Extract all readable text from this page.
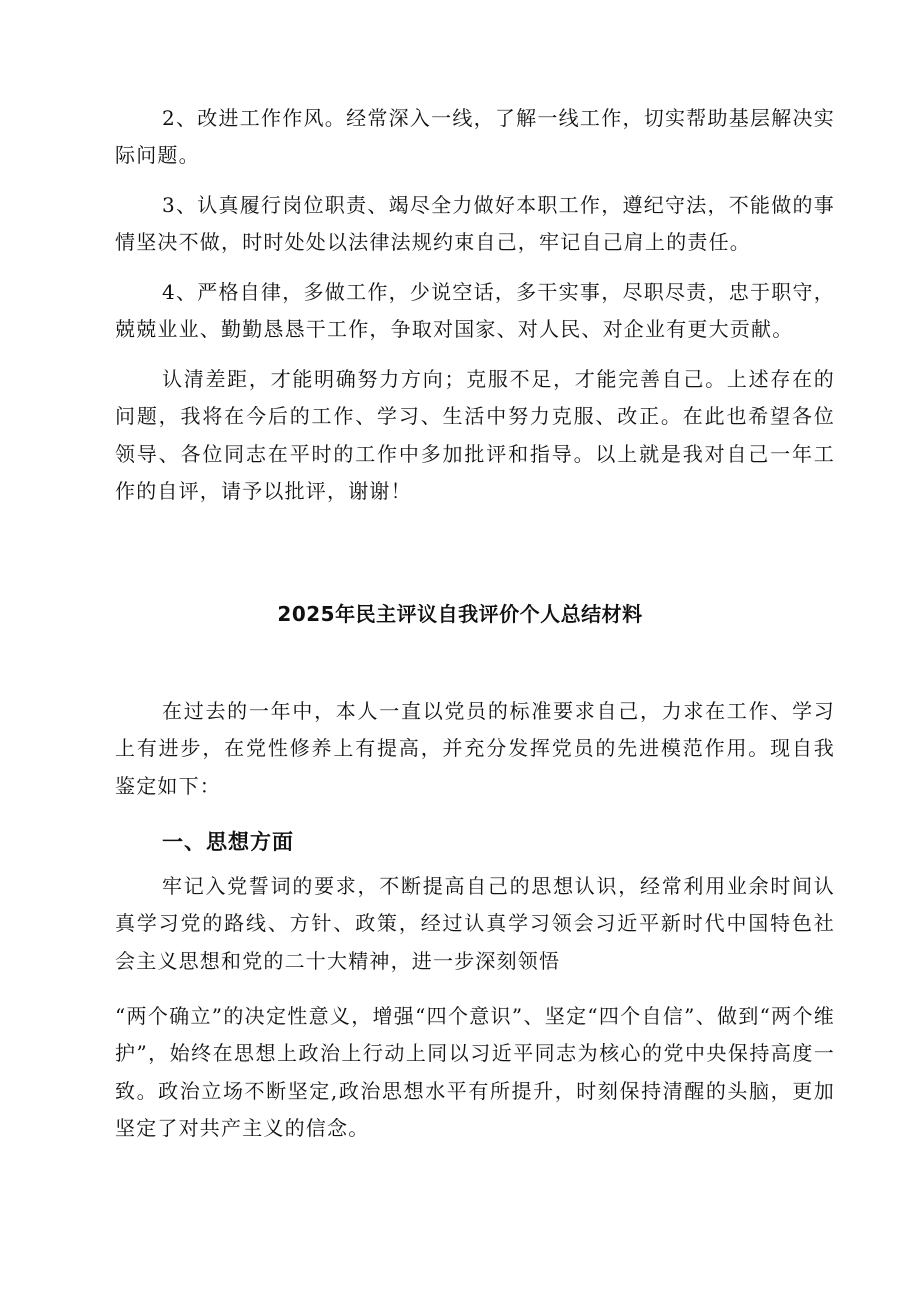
2、改进工作作风。经常深入一线，了解一线工作，切实帮助基层解决实际问题。

3、认真履行岗位职责、竭尽全力做好本职工作，遵纪守法，不能做的事情坚决不做，时时处处以法律法规约束自己，牢记自己肩上的责任。

4、严格自律，多做工作，少说空话，多干实事，尽职尽责，忠于职守，兢兢业业、勤勤恳恳干工作，争取对国家、对人民、对企业有更大贡献。

认清差距，才能明确努力方向；克服不足，才能完善自己。上述存在的问题，我将在今后的工作、学习、生活中努力克服、改正。在此也希望各位领导、各位同志在平时的工作中多加批评和指导。以上就是我对自己一年工作的自评，请予以批评，谢谢！

2025年民主评议自我评价个人总结材料

在过去的一年中，本人一直以党员的标准要求自己，力求在工作、学习上有进步，在党性修养上有提高，并充分发挥党员的先进模范作用。现自我鉴定如下：

一、思想方面

牢记入党誓词的要求，不断提高自己的思想认识，经常利用业余时间认真学习党的路线、方针、政策，经过认真学习领会习近平新时代中国特色社会主义思想和党的二十大精神，进一步深刻领悟

“两个确立”的决定性意义，增强“四个意识”、坚定“四个自信”、做到“两个维护”，始终在思想上政治上行动上同以习近平同志为核心的党中央保持高度一致。政治立场不断坚定,政治思想水平有所提升，时刻保持清醒的头脑，更加坚定了对共产主义的信念。
